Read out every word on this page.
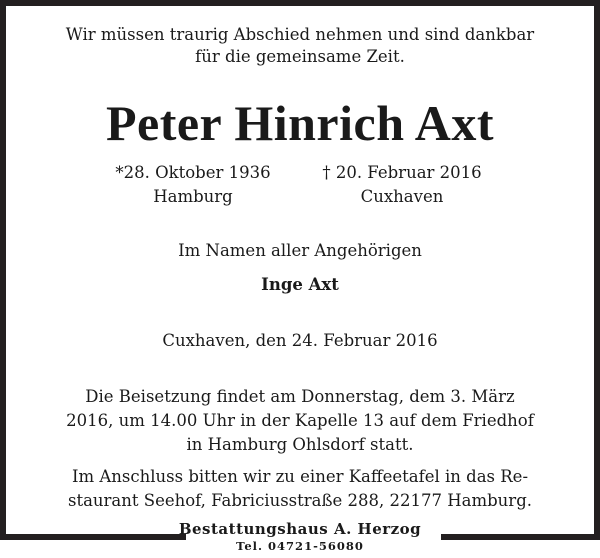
Wir müssen traurig Abschied nehmen und sind dankbar
für die gemeinsame Zeit.
Peter Hinrich Axt
*28. Oktober 1936
Hamburg
† 20. Februar 2016
Cuxhaven
Im Namen aller Angehörigen
Inge Axt
Cuxhaven, den 24. Februar 2016
Die Beisetzung findet am Donnerstag, dem 3. März
2016, um 14.00 Uhr in der Kapelle 13 auf dem Friedhof
in Hamburg Ohlsdorf statt.
Im Anschluss bitten wir zu einer Kaffeetafel in das Re-
staurant Seehof, Fabriciusstraße 288, 22177 Hamburg.
Bestattungshaus A. Herzog
Tel. 04721-56080
